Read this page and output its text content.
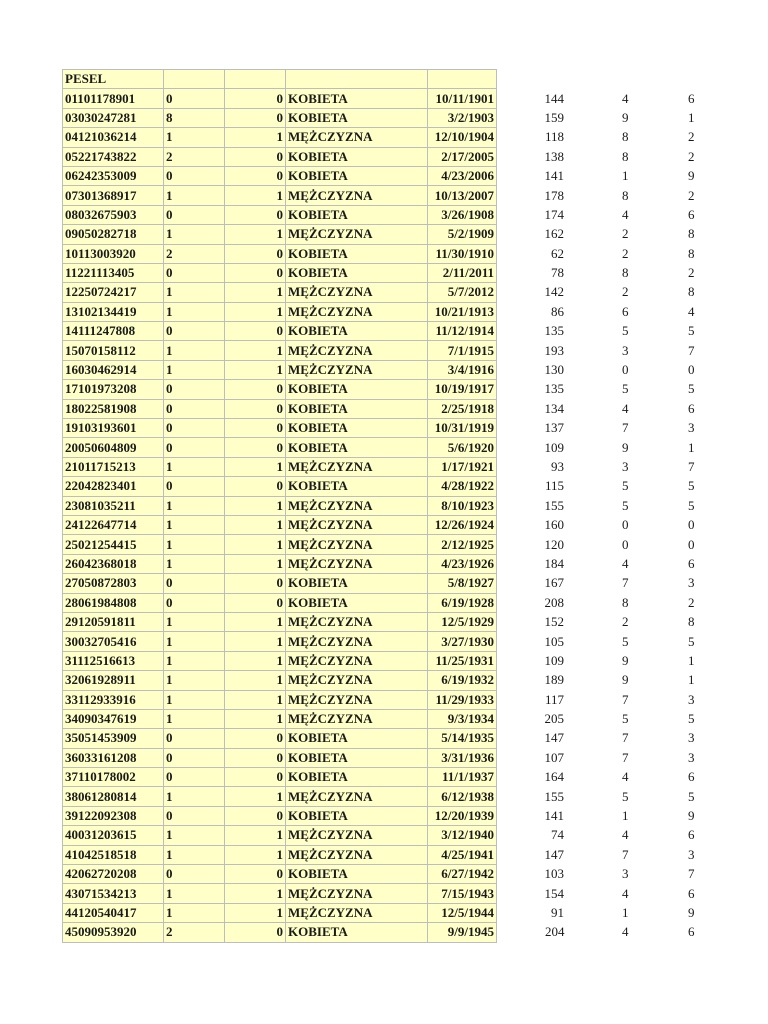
PESEL							
01101178901	0	0	KOBIETA	10/11/1901	144	4	6
03030247281	8	0	KOBIETA	3/2/1903	159	9	1
04121036214	1	1	MĘŻCZYZNA	12/10/1904	118	8	2
05221743822	2	0	KOBIETA	2/17/2005	138	8	2
06242353009	0	0	KOBIETA	4/23/2006	141	1	9
07301368917	1	1	MĘŻCZYZNA	10/13/2007	178	8	2
08032675903	0	0	KOBIETA	3/26/1908	174	4	6
09050282718	1	1	MĘŻCZYZNA	5/2/1909	162	2	8
10113003920	2	0	KOBIETA	11/30/1910	62	2	8
11221113405	0	0	KOBIETA	2/11/2011	78	8	2
12250724217	1	1	MĘŻCZYZNA	5/7/2012	142	2	8
13102134419	1	1	MĘŻCZYZNA	10/21/1913	86	6	4
14111247808	0	0	KOBIETA	11/12/1914	135	5	5
15070158112	1	1	MĘŻCZYZNA	7/1/1915	193	3	7
16030462914	1	1	MĘŻCZYZNA	3/4/1916	130	0	0
17101973208	0	0	KOBIETA	10/19/1917	135	5	5
18022581908	0	0	KOBIETA	2/25/1918	134	4	6
19103193601	0	0	KOBIETA	10/31/1919	137	7	3
20050604809	0	0	KOBIETA	5/6/1920	109	9	1
21011715213	1	1	MĘŻCZYZNA	1/17/1921	93	3	7
22042823401	0	0	KOBIETA	4/28/1922	115	5	5
23081035211	1	1	MĘŻCZYZNA	8/10/1923	155	5	5
24122647714	1	1	MĘŻCZYZNA	12/26/1924	160	0	0
25021254415	1	1	MĘŻCZYZNA	2/12/1925	120	0	0
26042368018	1	1	MĘŻCZYZNA	4/23/1926	184	4	6
27050872803	0	0	KOBIETA	5/8/1927	167	7	3
28061984808	0	0	KOBIETA	6/19/1928	208	8	2
29120591811	1	1	MĘŻCZYZNA	12/5/1929	152	2	8
30032705416	1	1	MĘŻCZYZNA	3/27/1930	105	5	5
31112516613	1	1	MĘŻCZYZNA	11/25/1931	109	9	1
32061928911	1	1	MĘŻCZYZNA	6/19/1932	189	9	1
33112933916	1	1	MĘŻCZYZNA	11/29/1933	117	7	3
34090347619	1	1	MĘŻCZYZNA	9/3/1934	205	5	5
35051453909	0	0	KOBIETA	5/14/1935	147	7	3
36033161208	0	0	KOBIETA	3/31/1936	107	7	3
37110178002	0	0	KOBIETA	11/1/1937	164	4	6
38061280814	1	1	MĘŻCZYZNA	6/12/1938	155	5	5
39122092308	0	0	KOBIETA	12/20/1939	141	1	9
40031203615	1	1	MĘŻCZYZNA	3/12/1940	74	4	6
41042518518	1	1	MĘŻCZYZNA	4/25/1941	147	7	3
42062720208	0	0	KOBIETA	6/27/1942	103	3	7
43071534213	1	1	MĘŻCZYZNA	7/15/1943	154	4	6
44120540417	1	1	MĘŻCZYZNA	12/5/1944	91	1	9
45090953920	2	0	KOBIETA	9/9/1945	204	4	6
